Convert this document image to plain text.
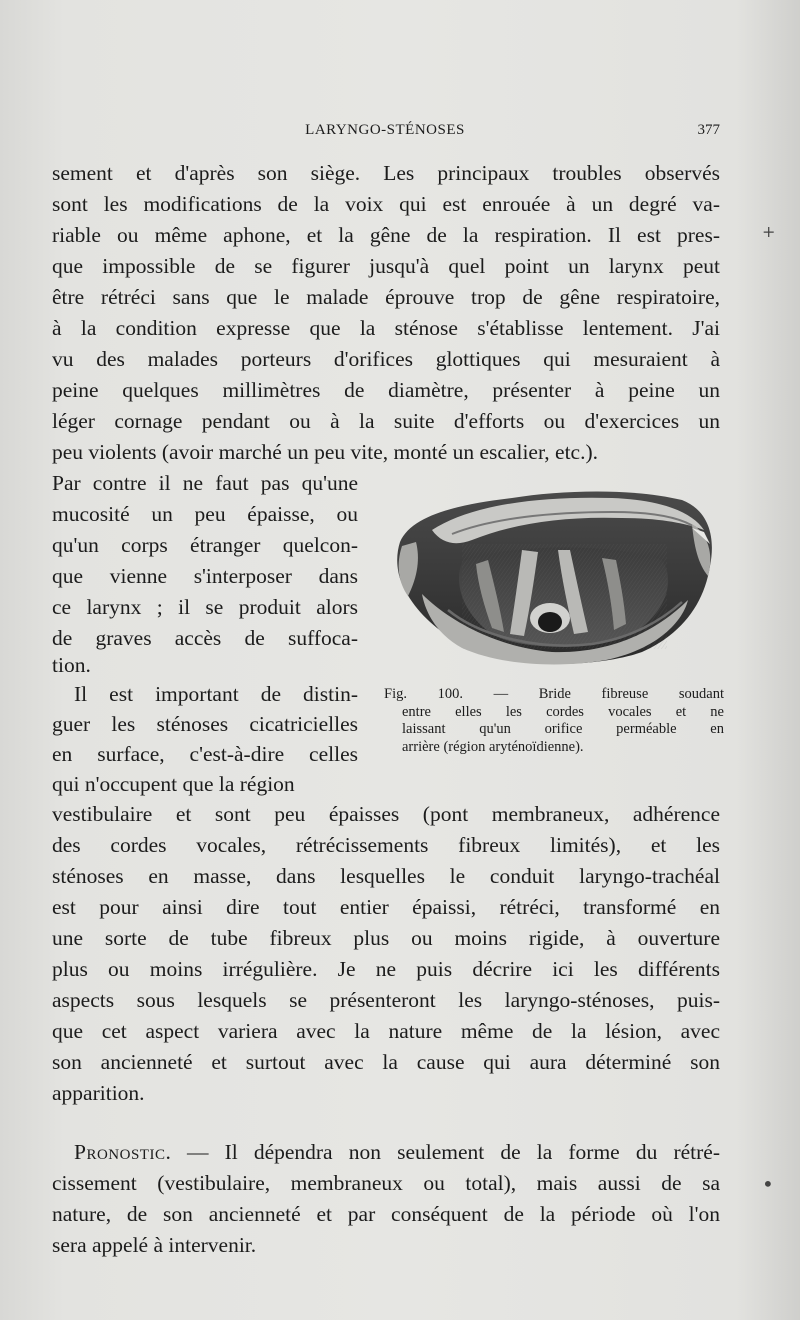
LARYNGO-STÉNOSES	377
sement et d'après son siège. Les principaux troubles observés
sont les modifications de la voix qui est enrouée à un degré va-
riable ou même aphone, et la gêne de la respiration. Il est pres-
que impossible de se figurer jusqu'à quel point un larynx peut
être rétréci sans que le malade éprouve trop de gêne respiratoire,
à la condition expresse que la sténose s'établisse lentement. J'ai
vu des malades porteurs d'orifices glottiques qui mesuraient à
peine quelques millimètres de diamètre, présenter à peine un
léger cornage pendant ou à la suite d'efforts ou d'exercices un
peu violents (avoir marché un peu vite, monté un escalier, etc.).
Par contre il ne faut pas qu'une
mucosité un peu épaisse, ou
qu'un corps étranger quelcon-
que vienne s'interposer dans
ce larynx ; il se produit alors
de graves accès de suffoca-
tion.
Il est important de distin-
guer les sténoses cicatricielles
en surface, c'est-à-dire celles
qui n'occupent que la région
Fig. 100. — Bride fibreuse soudant
entre elles les cordes vocales et ne
laissant qu'un orifice perméable en
arrière (région aryténoïdienne).
vestibulaire et sont peu épaisses (pont membraneux, adhérence
des cordes vocales, rétrécissements fibreux limités), et les
sténoses en masse, dans lesquelles le conduit laryngo-trachéal
est pour ainsi dire tout entier épaissi, rétréci, transformé en
une sorte de tube fibreux plus ou moins rigide, à ouverture
plus ou moins irrégulière. Je ne puis décrire ici les différents
aspects sous lesquels se présenteront les laryngo-sténoses, puis-
que cet aspect variera avec la nature même de la lésion, avec
son ancienneté et surtout avec la cause qui aura déterminé son
apparition.
Pronostic. — Il dépendra non seulement de la forme du rétré-
cissement (vestibulaire, membraneux ou total), mais aussi de sa
nature, de son ancienneté et par conséquent de la période où l'on
sera appelé à intervenir.
+
•
